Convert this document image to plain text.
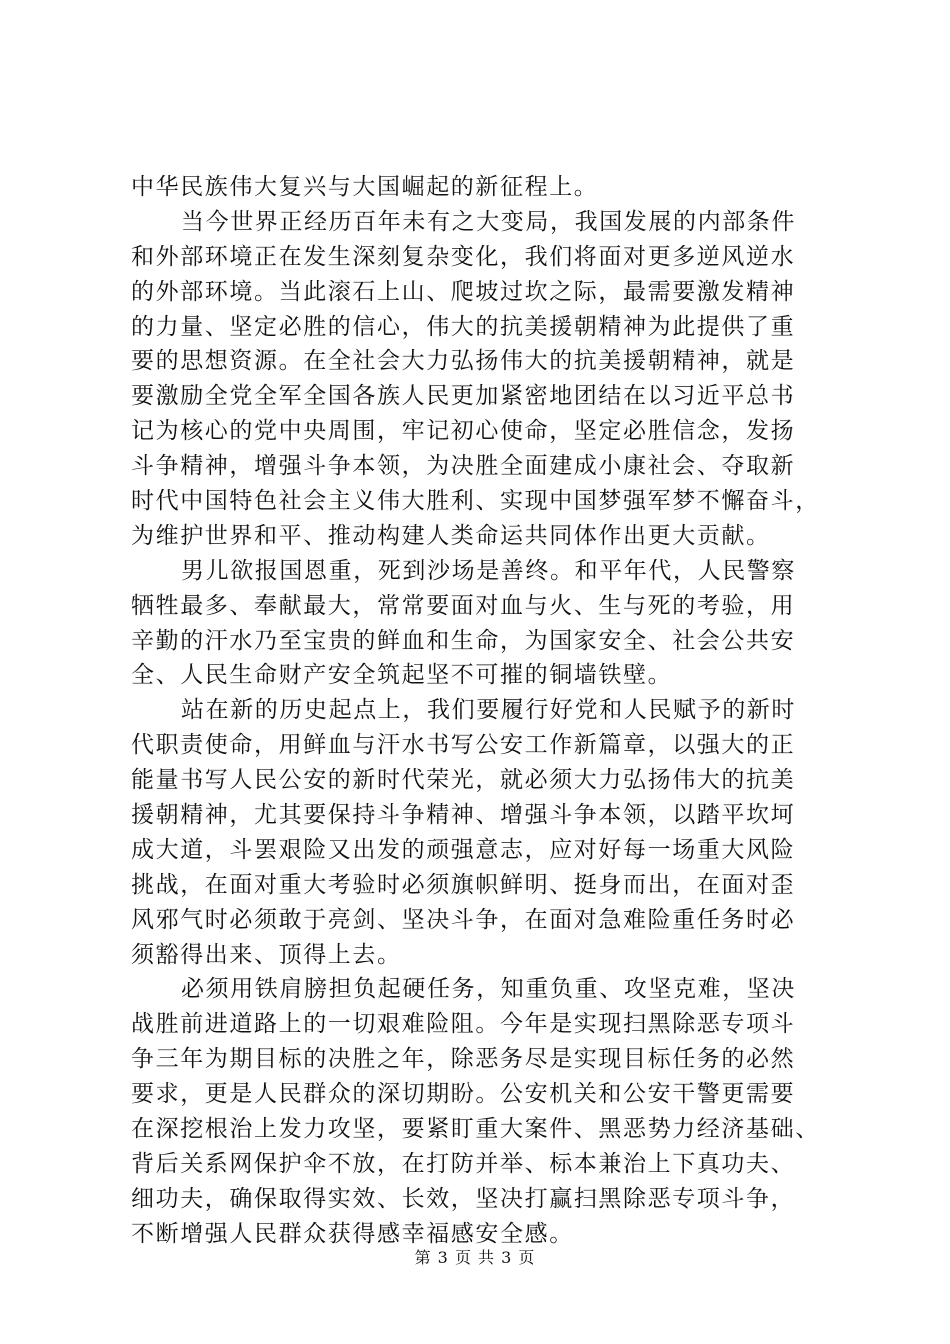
中华民族伟大复兴与大国崛起的新征程上。
当今世界正经历百年未有之大变局，我国发展的内部条件
和外部环境正在发生深刻复杂变化，我们将面对更多逆风逆水
的外部环境。当此滚石上山、爬坡过坎之际，最需要激发精神
的力量、坚定必胜的信心，伟大的抗美援朝精神为此提供了重
要的思想资源。在全社会大力弘扬伟大的抗美援朝精神，就是
要激励全党全军全国各族人民更加紧密地团结在以习近平总书
记为核心的党中央周围，牢记初心使命，坚定必胜信念，发扬
斗争精神，增强斗争本领，为决胜全面建成小康社会、夺取新
时代中国特色社会主义伟大胜利、实现中国梦强军梦不懈奋斗，
为维护世界和平、推动构建人类命运共同体作出更大贡献。
男儿欲报国恩重，死到沙场是善终。和平年代，人民警察
牺牲最多、奉献最大，常常要面对血与火、生与死的考验，用
辛勤的汗水乃至宝贵的鲜血和生命，为国家安全、社会公共安
全、人民生命财产安全筑起坚不可摧的铜墙铁壁。
站在新的历史起点上，我们要履行好党和人民赋予的新时
代职责使命，用鲜血与汗水书写公安工作新篇章，以强大的正
能量书写人民公安的新时代荣光，就必须大力弘扬伟大的抗美
援朝精神，尤其要保持斗争精神、增强斗争本领，以踏平坎坷
成大道，斗罢艰险又出发的顽强意志，应对好每一场重大风险
挑战，在面对重大考验时必须旗帜鲜明、挺身而出，在面对歪
风邪气时必须敢于亮剑、坚决斗争，在面对急难险重任务时必
须豁得出来、顶得上去。
必须用铁肩膀担负起硬任务，知重负重、攻坚克难，坚决
战胜前进道路上的一切艰难险阻。今年是实现扫黑除恶专项斗
争三年为期目标的决胜之年，除恶务尽是实现目标任务的必然
要求，更是人民群众的深切期盼。公安机关和公安干警更需要
在深挖根治上发力攻坚，要紧盯重大案件、黑恶势力经济基础、
背后关系网保护伞不放，在打防并举、标本兼治上下真功夫、
细功夫，确保取得实效、长效，坚决打赢扫黑除恶专项斗争，
不断增强人民群众获得感幸福感安全感。
第 3 页 共 3 页
